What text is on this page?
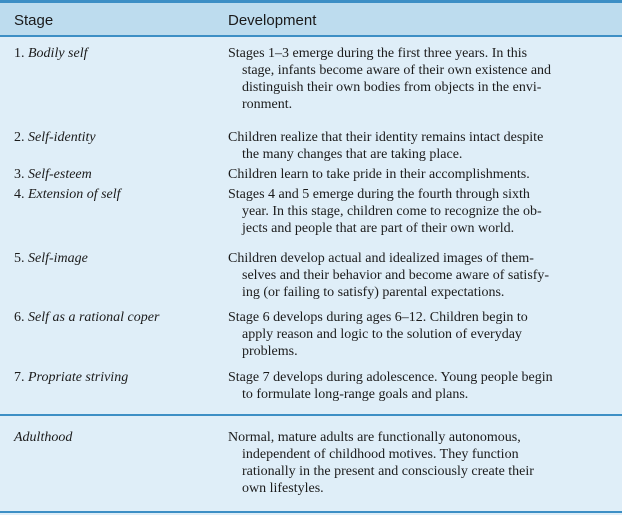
Stage	Development
1. Bodily self	Stages 1–3 emerge during the first three years. In this
stage, infants become aware of their own existence and
distinguish their own bodies from objects in the envi-
ronment.
2. Self-identity	Children realize that their identity remains intact despite
the many changes that are taking place.
3. Self-esteem	Children learn to take pride in their accomplishments.
4. Extension of self	Stages 4 and 5 emerge during the fourth through sixth
year. In this stage, children come to recognize the ob-
jects and people that are part of their own world.
5. Self-image	Children develop actual and idealized images of them-
selves and their behavior and become aware of satisfy-
ing (or failing to satisfy) parental expectations.
6. Self as a rational coper	Stage 6 develops during ages 6–12. Children begin to
apply reason and logic to the solution of everyday
problems.
7. Propriate striving	Stage 7 develops during adolescence. Young people begin
to formulate long-range goals and plans.
Adulthood	Normal, mature adults are functionally autonomous,
independent of childhood motives. They function
rationally in the present and consciously create their
own lifestyles.
